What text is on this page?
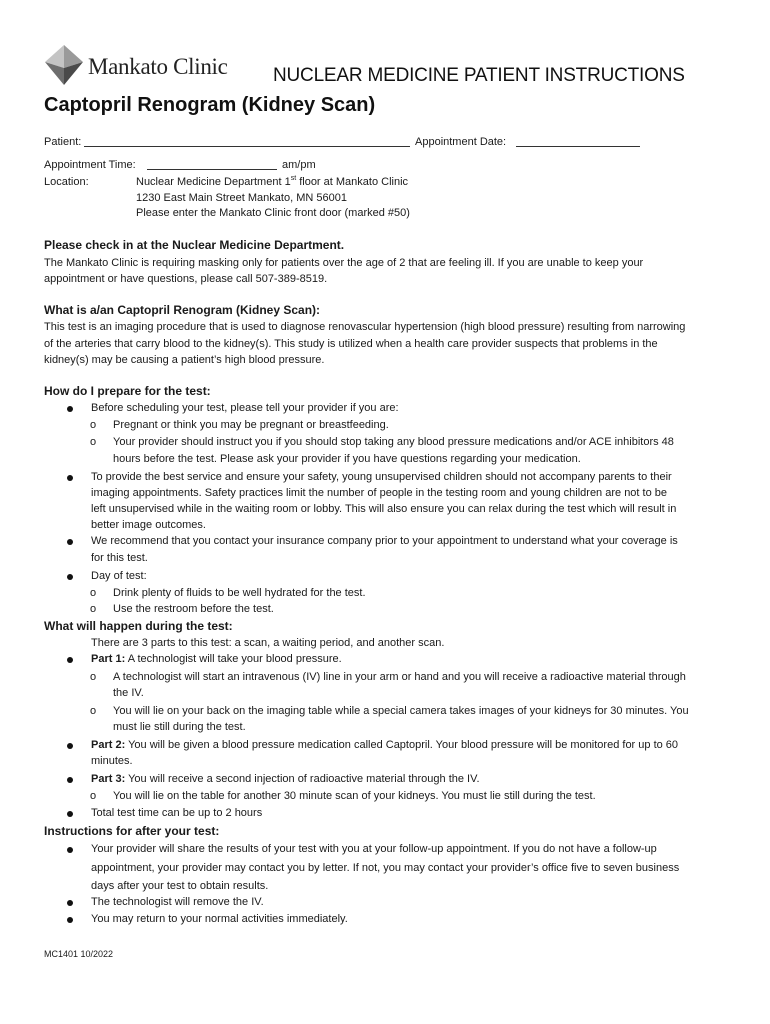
Mankato Clinic NUCLEAR MEDICINE PATIENT INSTRUCTIONS
Captopril Renogram (Kidney Scan)
Patient:	Appointment Date:
Appointment Time:	am/pm
Location:	Nuclear Medicine Department 1st floor at Mankato Clinic
1230 East Main Street Mankato, MN 56001
Please enter the Mankato Clinic front door (marked #50)
Please check in at the Nuclear Medicine Department.
The Mankato Clinic is requiring masking only for patients over the age of 2 that are feeling ill. If you are unable to keep your
appointment or have questions, please call 507-389-8519.
What is a/an Captopril Renogram (Kidney Scan):
This test is an imaging procedure that is used to diagnose renovascular hypertension (high blood pressure) resulting from narrowing
of the arteries that carry blood to the kidney(s). This study is utilized when a health care provider suspects that problems in the
kidney(s) may be causing a patient’s high blood pressure.
How do I prepare for the test:
Before scheduling your test, please tell your provider if you are:
o Pregnant or think you may be pregnant or breastfeeding.
o Your provider should instruct you if you should stop taking any blood pressure medications and/or ACE inhibitors 48
hours before the test. Please ask your provider if you have questions regarding your medication.
To provide the best service and ensure your safety, young unsupervised children should not accompany parents to their
imaging appointments. Safety practices limit the number of people in the testing room and young children are not to be
left unsupervised while in the waiting room or lobby. This will also ensure you can relax during the test which will result in
better image outcomes.
We recommend that you contact your insurance company prior to your appointment to understand what your coverage is
for this test.
Day of test:
o Drink plenty of fluids to be well hydrated for the test.
o Use the restroom before the test.
What will happen during the test:
There are 3 parts to this test: a scan, a waiting period, and another scan.
Part 1: A technologist will take your blood pressure.
o A technologist will start an intravenous (IV) line in your arm or hand and you will receive a radioactive material through
the IV.
o You will lie on your back on the imaging table while a special camera takes images of your kidneys for 30 minutes. You
must lie still during the test.
Part 2: You will be given a blood pressure medication called Captopril. Your blood pressure will be monitored for up to 60
minutes.
Part 3: You will receive a second injection of radioactive material through the IV.
o You will lie on the table for another 30 minute scan of your kidneys. You must lie still during the test.
Total test time can be up to 2 hours
Instructions for after your test:
Your provider will share the results of your test with you at your follow-up appointment. If you do not have a follow-up
appointment, your provider may contact you by letter. If not, you may contact your provider’s office five to seven business
days after your test to obtain results.
The technologist will remove the IV.
You may return to your normal activities immediately.
MC1401 10/2022
